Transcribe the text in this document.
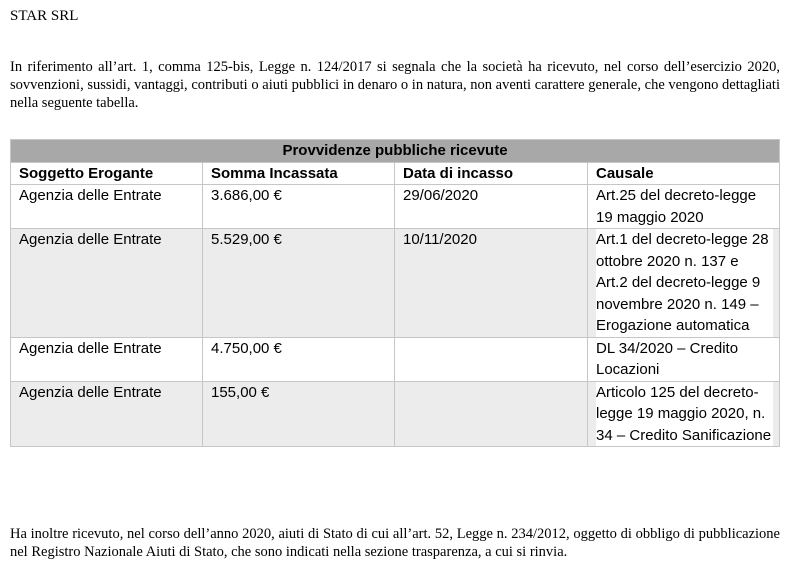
STAR SRL
In riferimento all’art. 1, comma 125-bis, Legge n. 124/2017 si segnala che la società ha ricevuto, nel corso dell’esercizio 2020, sovvenzioni, sussidi, vantaggi, contributi o aiuti pubblici in denaro o in natura, non aventi carattere generale, che vengono dettagliati nella seguente tabella.
Provvidenze pubbliche ricevute			
Soggetto Erogante	Somma Incassata	Data di incasso	Causale
Agenzia delle Entrate	3.686,00 €	29/06/2020	Art.25 del decreto-legge 19 maggio 2020

Agenzia delle Entrate	5.529,00 €	10/11/2020	Art.1 del decreto-legge 28 ottobre 2020 n. 137 e Art.2 del decreto-legge 9 novembre 2020 n. 149 – Erogazione automatica

Agenzia delle Entrate	4.750,00 €		DL 34/2020 – Credito Locazioni

Agenzia delle Entrate	155,00 €		Articolo 125 del decreto-legge 19 maggio 2020, n. 34 – Credito Sanificazione
Ha inoltre ricevuto, nel corso dell’anno 2020, aiuti di Stato di cui all’art. 52, Legge n. 234/2012, oggetto di obbligo di pubblicazione nel Registro Nazionale Aiuti di Stato, che sono indicati nella sezione trasparenza, a cui si rinvia.
